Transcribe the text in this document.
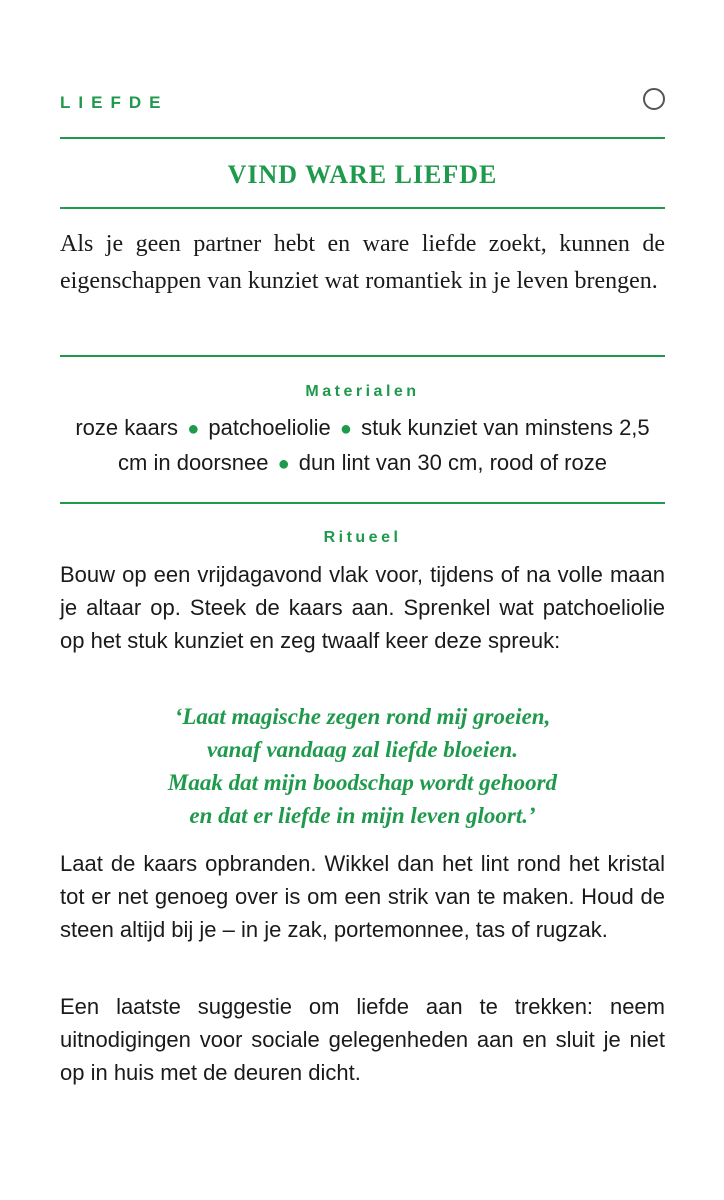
LIEFDE
VIND WARE LIEFDE

Als je geen partner hebt en ware liefde zoekt, kunnen de eigenschappen van kunziet wat romantiek in je leven brengen.

Materialen
roze kaars ● patchoeliolie ● stuk kunziet van minstens 2,5 cm in doorsnee ● dun lint van 30 cm, rood of roze
Ritueel

Bouw op een vrijdagavond vlak voor, tijdens of na volle maan je altaar op. Steek de kaars aan. Sprenkel wat patchoeliolie op het stuk kunziet en zeg twaalf keer deze spreuk:

‘Laat magische zegen rond mij groeien,
vanaf vandaag zal liefde bloeien.
Maak dat mijn boodschap wordt gehoord
en dat er liefde in mijn leven gloort.’

Laat de kaars opbranden. Wikkel dan het lint rond het kristal tot er net genoeg over is om een strik van te maken. Houd de steen altijd bij je – in je zak, portemonnee, tas of rugzak.

Een laatste suggestie om liefde aan te trekken: neem uitnodigingen voor sociale gelegenheden aan en sluit je niet op in huis met de deuren dicht.
